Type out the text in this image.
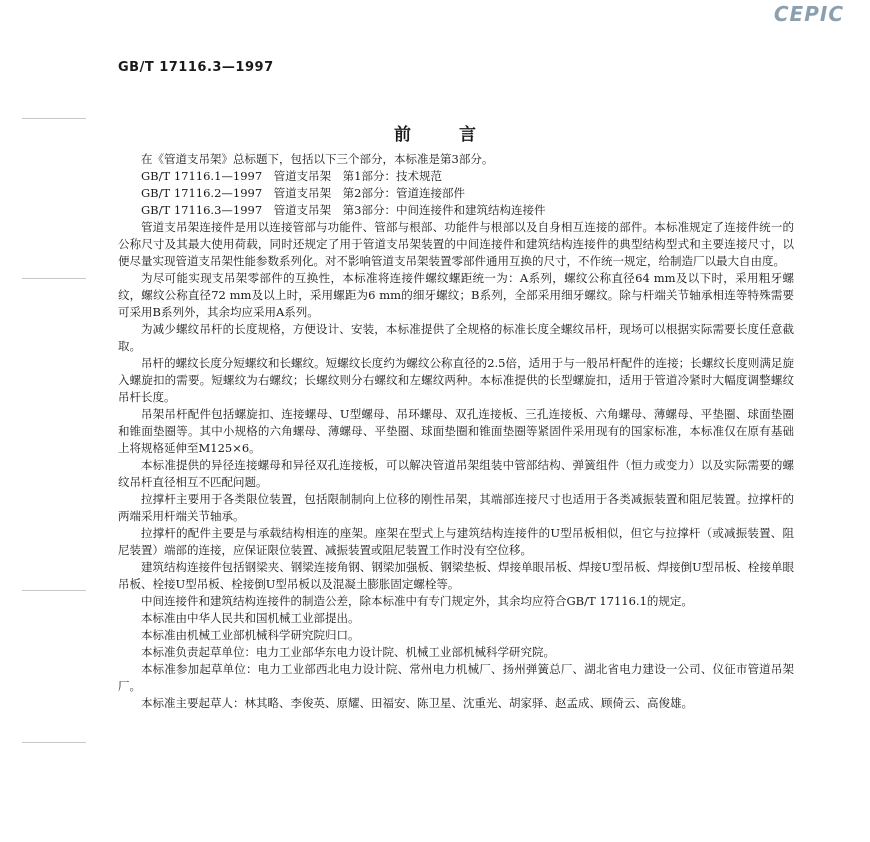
CEPIC
GB/T 17116.3—1997
前言

在《管道支吊架》总标题下，包括以下三个部分，本标准是第3部分。

GB/T 17116.1—1997　管道支吊架　第1部分：技术规范

GB/T 17116.2—1997　管道支吊架　第2部分：管道连接部件

GB/T 17116.3—1997　管道支吊架　第3部分：中间连接件和建筑结构连接件

管道支吊架连接件是用以连接管部与功能件、管部与根部、功能件与根部以及自身相互连接的部件。本标准规定了连接件统一的公称尺寸及其最大使用荷载，同时还规定了用于管道支吊架装置的中间连接件和建筑结构连接件的典型结构型式和主要连接尺寸，以便尽量实现管道支吊架性能参数系列化。对不影响管道支吊架装置零部件通用互换的尺寸，不作统一规定，给制造厂以最大自由度。

为尽可能实现支吊架零部件的互换性，本标准将连接件螺纹螺距统一为：A系列，螺纹公称直径64 mm及以下时，采用粗牙螺纹，螺纹公称直径72 mm及以上时，采用螺距为6 mm的细牙螺纹；B系列，全部采用细牙螺纹。除与杆端关节轴承相连等特殊需要可采用B系列外，其余均应采用A系列。

为减少螺纹吊杆的长度规格，方便设计、安装，本标准提供了全规格的标准长度全螺纹吊杆，现场可以根据实际需要长度任意截取。

吊杆的螺纹长度分短螺纹和长螺纹。短螺纹长度约为螺纹公称直径的2.5倍，适用于与一般吊杆配件的连接；长螺纹长度则满足旋入螺旋扣的需要。短螺纹为右螺纹；长螺纹则分右螺纹和左螺纹两种。本标准提供的长型螺旋扣，适用于管道冷紧时大幅度调整螺纹吊杆长度。

吊架吊杆配件包括螺旋扣、连接螺母、U型螺母、吊环螺母、双孔连接板、三孔连接板、六角螺母、薄螺母、平垫圈、球面垫圈和锥面垫圈等。其中小规格的六角螺母、薄螺母、平垫圈、球面垫圈和锥面垫圈等紧固件采用现有的国家标准，本标准仅在原有基础上将规格延伸至M125×6。

本标准提供的异径连接螺母和异径双孔连接板，可以解决管道吊架组装中管部结构、弹簧组件（恒力或变力）以及实际需要的螺纹吊杆直径相互不匹配问题。

拉撑杆主要用于各类限位装置，包括限制制向上位移的刚性吊架，其端部连接尺寸也适用于各类减振装置和阻尼装置。拉撑杆的两端采用杆端关节轴承。

拉撑杆的配件主要是与承载结构相连的座架。座架在型式上与建筑结构连接件的U型吊板相似，但它与拉撑杆（或减振装置、阻尼装置）端部的连接，应保证限位装置、减振装置或阻尼装置工作时没有空位移。

建筑结构连接件包括钢梁夹、钢梁连接角钢、钢梁加强板、钢梁垫板、焊接单眼吊板、焊接U型吊板、焊接倒U型吊板、栓接单眼吊板、栓接U型吊板、栓接倒U型吊板以及混凝土膨胀固定螺栓等。

中间连接件和建筑结构连接件的制造公差，除本标准中有专门规定外，其余均应符合GB/T 17116.1的规定。

本标准由中华人民共和国机械工业部提出。

本标准由机械工业部机械科学研究院归口。

本标准负责起草单位：电力工业部华东电力设计院、机械工业部机械科学研究院。

本标准参加起草单位：电力工业部西北电力设计院、常州电力机械厂、扬州弹簧总厂、湖北省电力建设一公司、仪征市管道吊架厂。

本标准主要起草人：林其略、李俊英、原耀、田福安、陈卫星、沈重光、胡家驿、赵孟成、顾倚云、高俊雄。
